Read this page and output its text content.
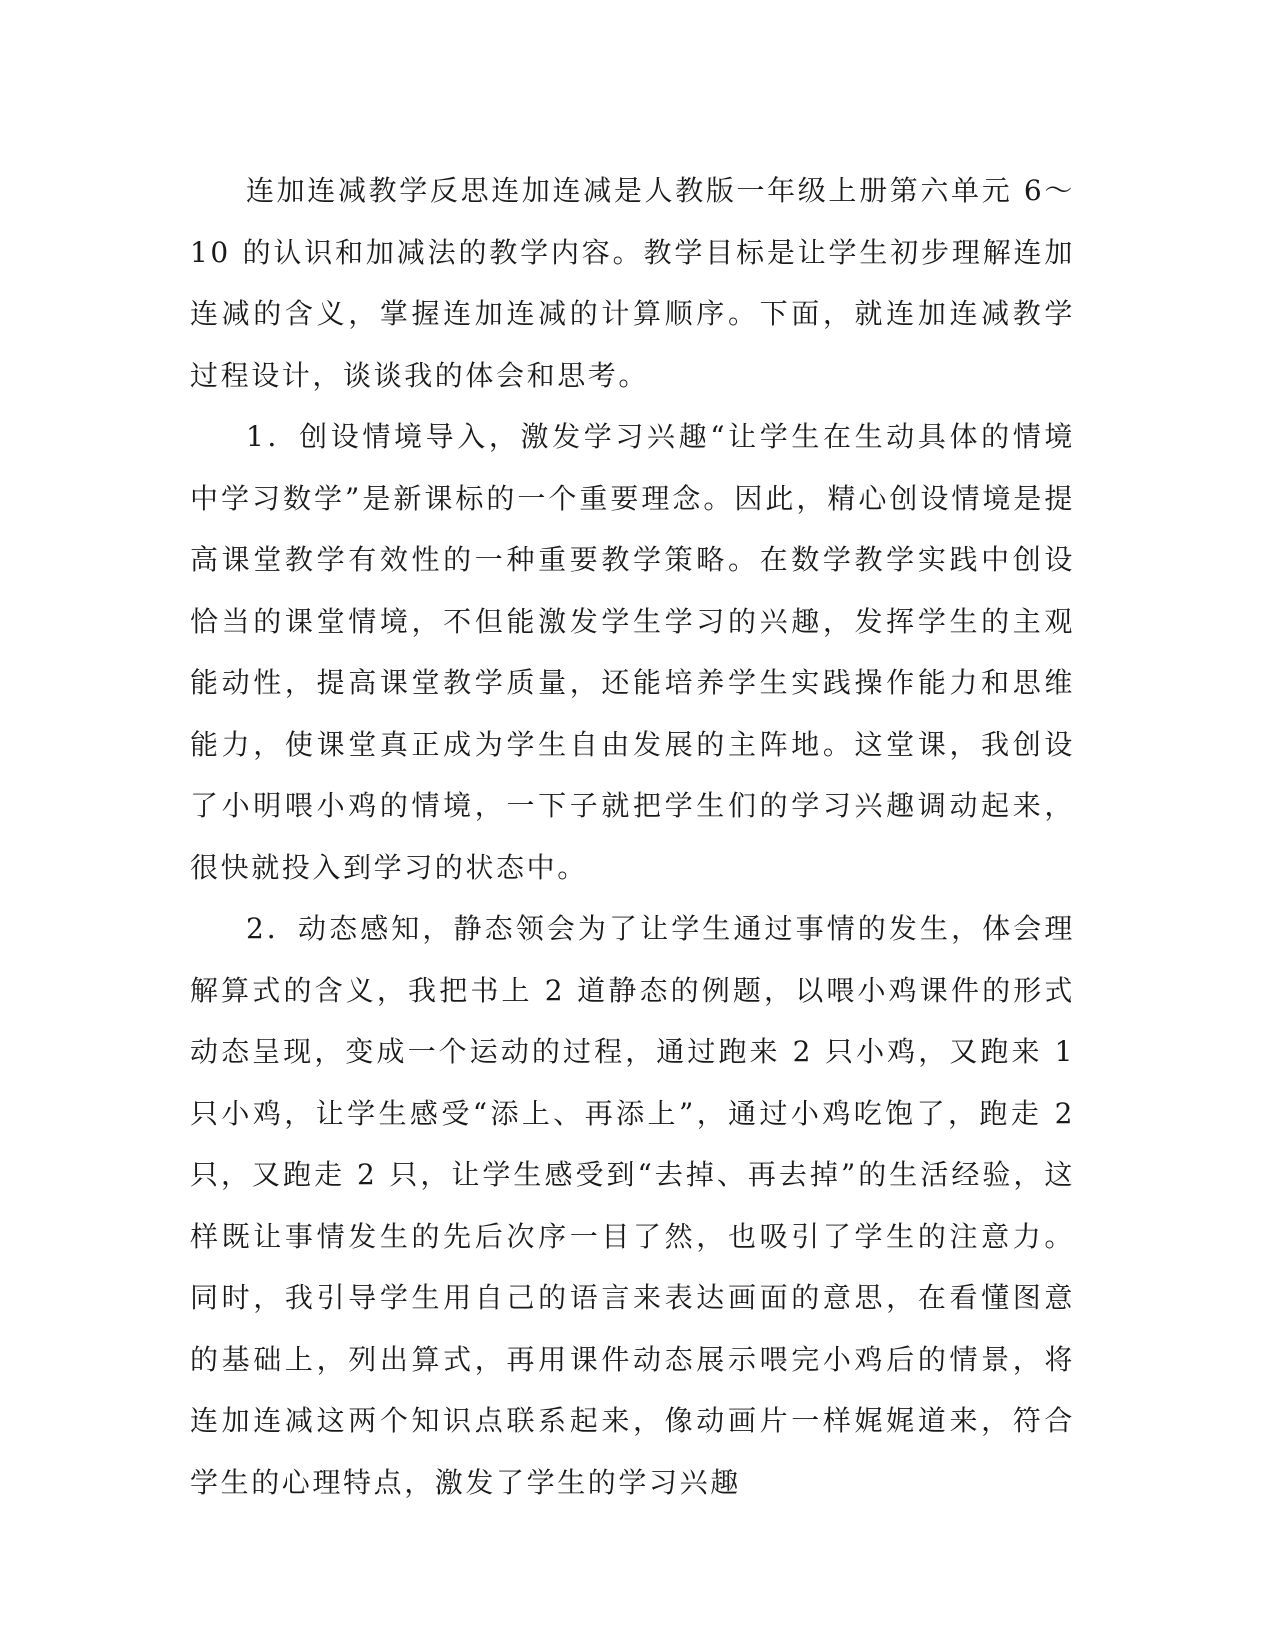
连加连减教学反思连加连减是人教版一年级上册第六单元 6～10 的认识和加减法的教学内容。教学目标是让学生初步理解连加连减的含义，掌握连加连减的计算顺序。下面，就连加连减教学过程设计，谈谈我的体会和思考。

1．创设情境导入，激发学习兴趣“让学生在生动具体的情境中学习数学”是新课标的一个重要理念。因此，精心创设情境是提高课堂教学有效性的一种重要教学策略。在数学教学实践中创设恰当的课堂情境，不但能激发学生学习的兴趣，发挥学生的主观能动性，提高课堂教学质量，还能培养学生实践操作能力和思维能力，使课堂真正成为学生自由发展的主阵地。这堂课，我创设了小明喂小鸡的情境，一下子就把学生们的学习兴趣调动起来，很快就投入到学习的状态中。

2．动态感知，静态领会为了让学生通过事情的发生，体会理解算式的含义，我把书上 2 道静态的例题，以喂小鸡课件的形式动态呈现，变成一个运动的过程，通过跑来 2 只小鸡，又跑来 1 只小鸡，让学生感受“添上、再添上”，通过小鸡吃饱了，跑走 2 只，又跑走 2 只，让学生感受到“去掉、再去掉”的生活经验，这样既让事情发生的先后次序一目了然，也吸引了学生的注意力。同时，我引导学生用自己的语言来表达画面的意思，在看懂图意的基础上，列出算式，再用课件动态展示喂完小鸡后的情景，将连加连减这两个知识点联系起来，像动画片一样娓娓道来，符合学生的心理特点，激发了学生的学习兴趣
